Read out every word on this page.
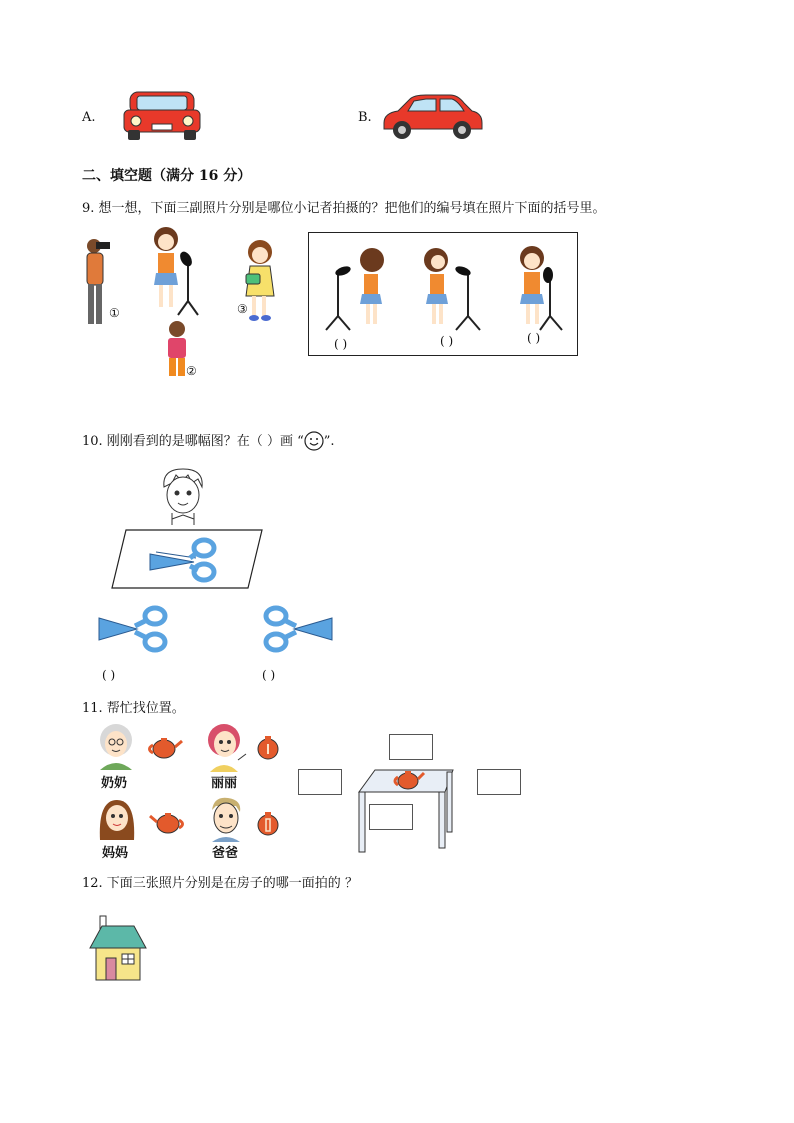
A.	B.
二、填空题（满分 16 分）
9. 想一想，下面三副照片分别是哪位小记者拍摄的？把他们的编号填在照片下面的括号里。
①
②
③
( )	( )	( )
10. 刚刚看到的是哪幅图？在（ ）画 “ ”.
( )	( )
11. 帮忙找位置。
奶奶	丽丽
妈妈	爸爸
12. 下面三张照片分别是在房子的哪一面拍的 ？
